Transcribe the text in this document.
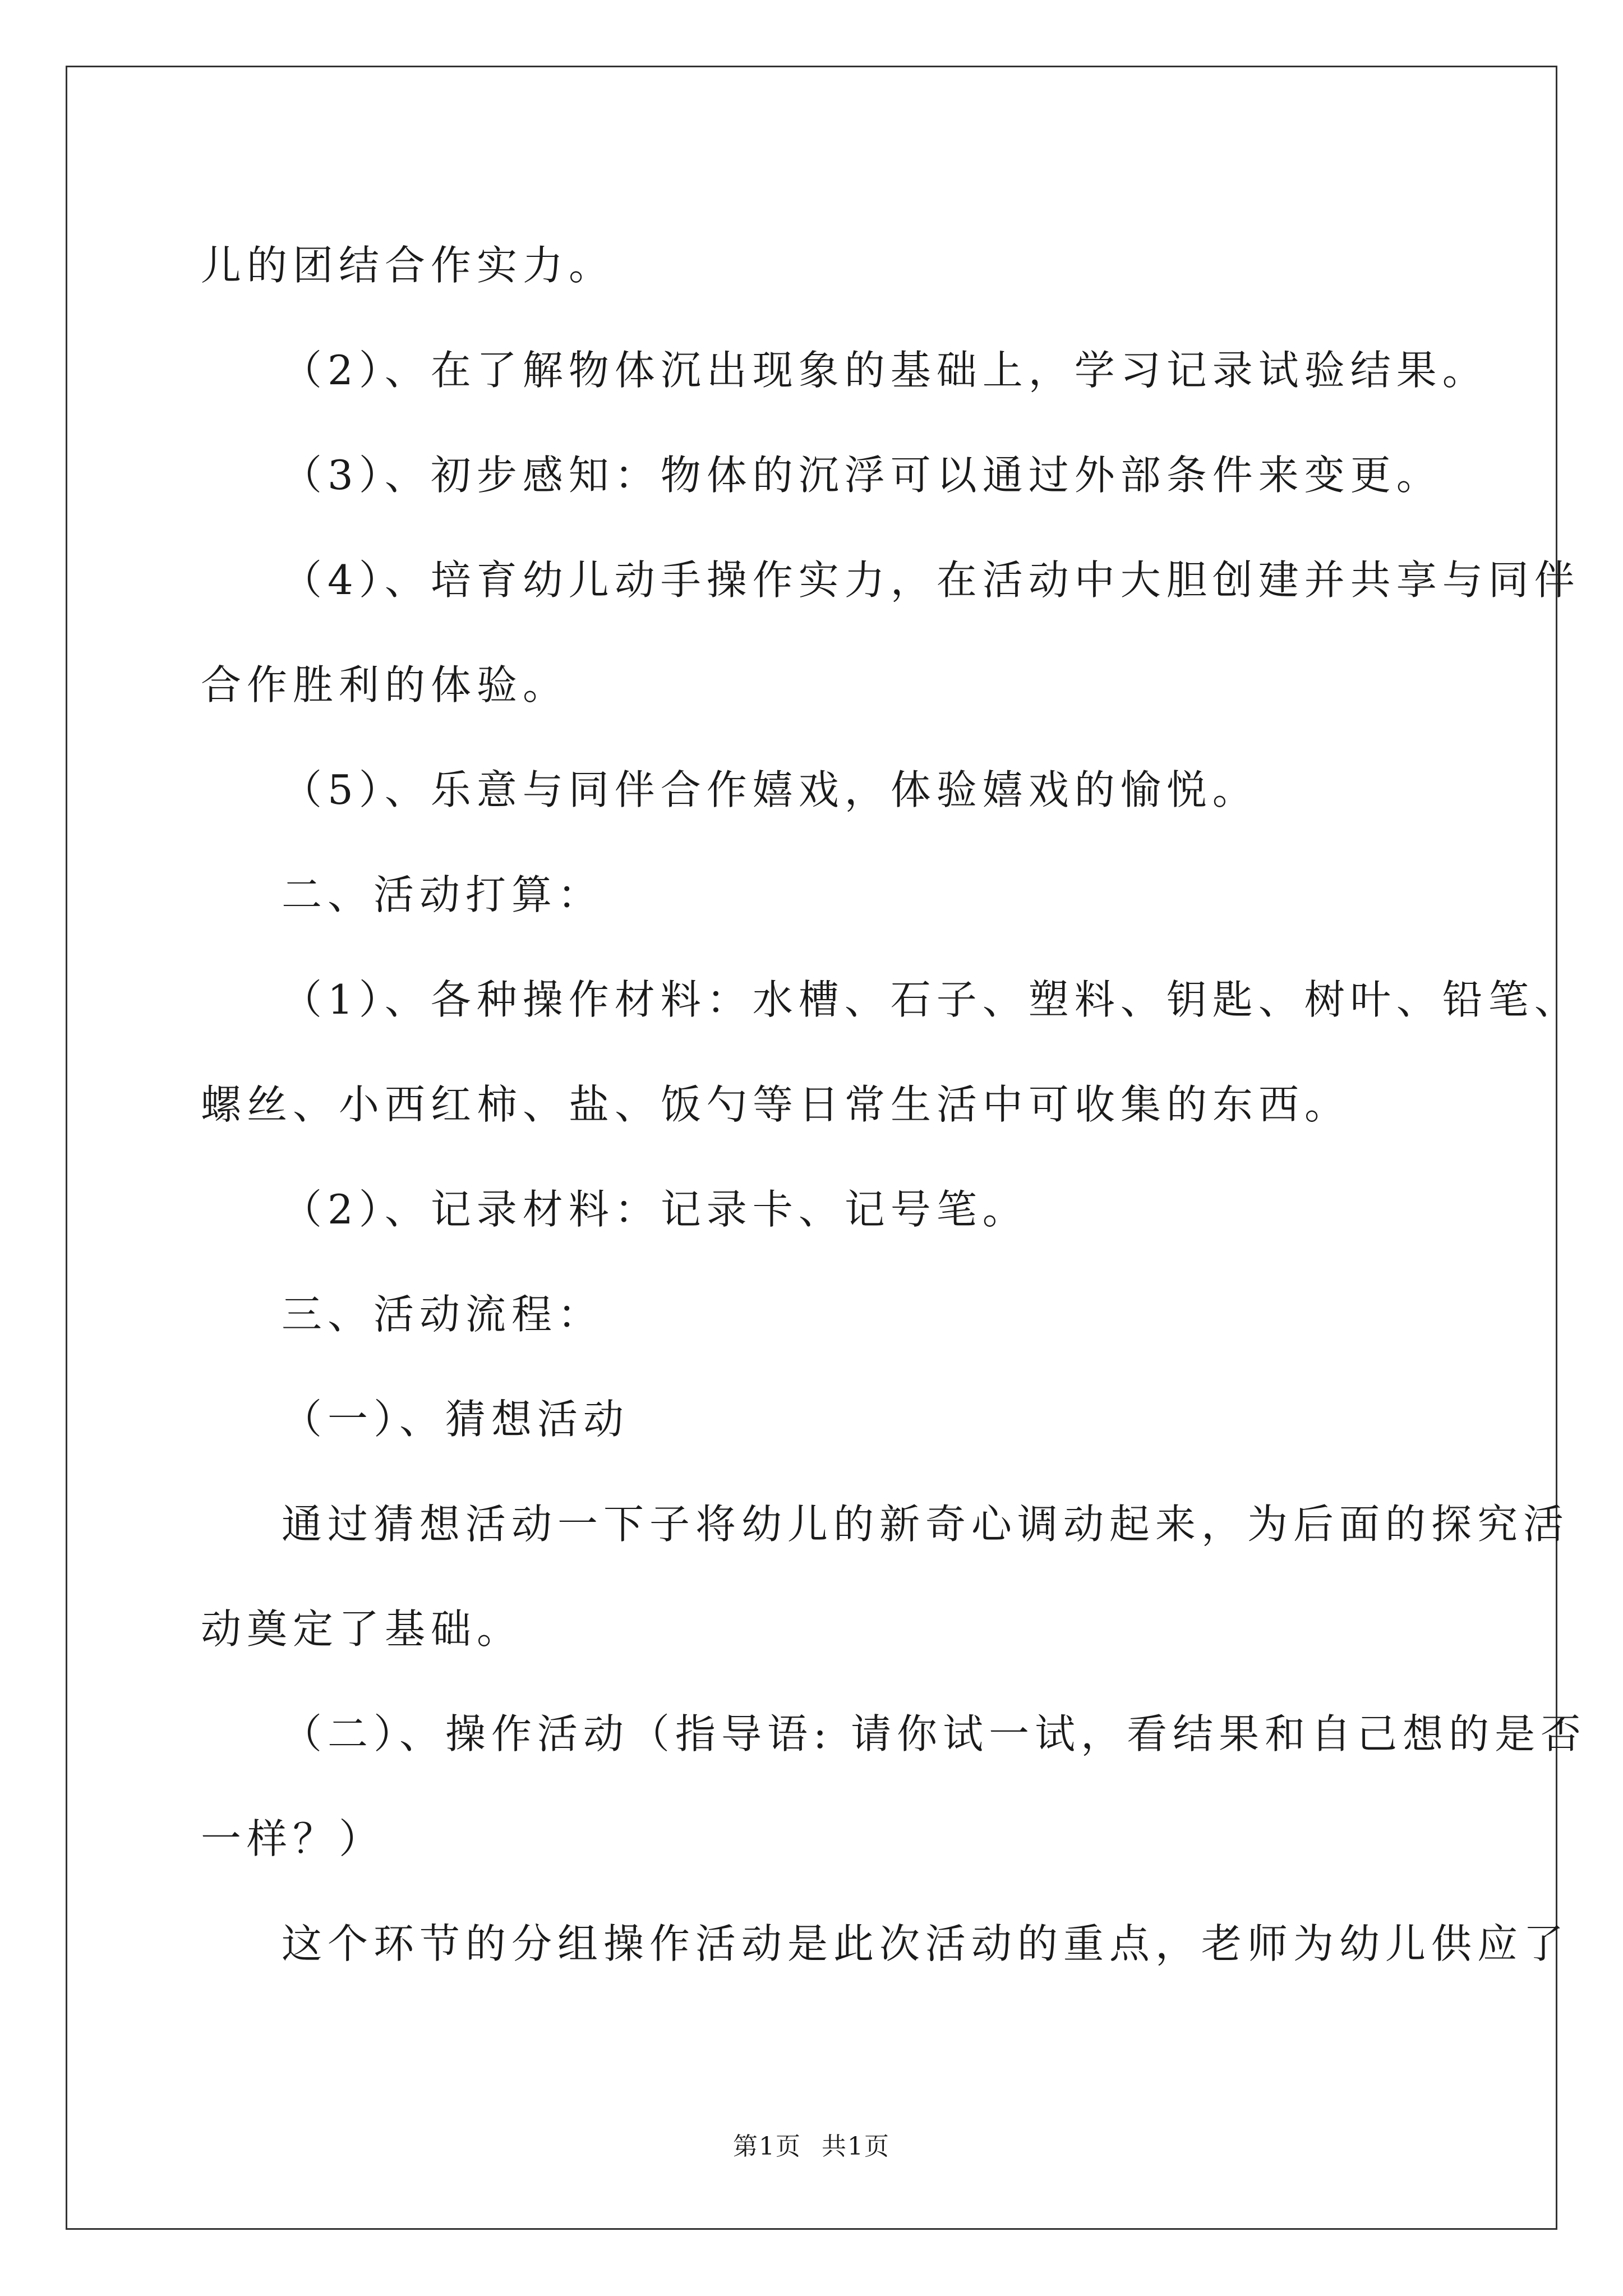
儿的团结合作实力。

（2）、在了解物体沉出现象的基础上，学习记录试验结果。

（3）、初步感知：物体的沉浮可以通过外部条件来变更。

（4）、培育幼儿动手操作实力，在活动中大胆创建并共享与同伴

合作胜利的体验。

（5）、乐意与同伴合作嬉戏，体验嬉戏的愉悦。

二、活动打算：

（1）、各种操作材料：水槽、石子、塑料、钥匙、树叶、铅笔、

螺丝、小西红柿、盐、饭勺等日常生活中可收集的东西。

（2）、记录材料：记录卡、记号笔。

三、活动流程：

（一）、猜想活动

通过猜想活动一下子将幼儿的新奇心调动起来，为后面的探究活

动奠定了基础。

（二）、操作活动（指导语: 请你试一试，看结果和自己想的是否

一样？）

这个环节的分组操作活动是此次活动的重点，老师为幼儿供应了

第1页 共1页
